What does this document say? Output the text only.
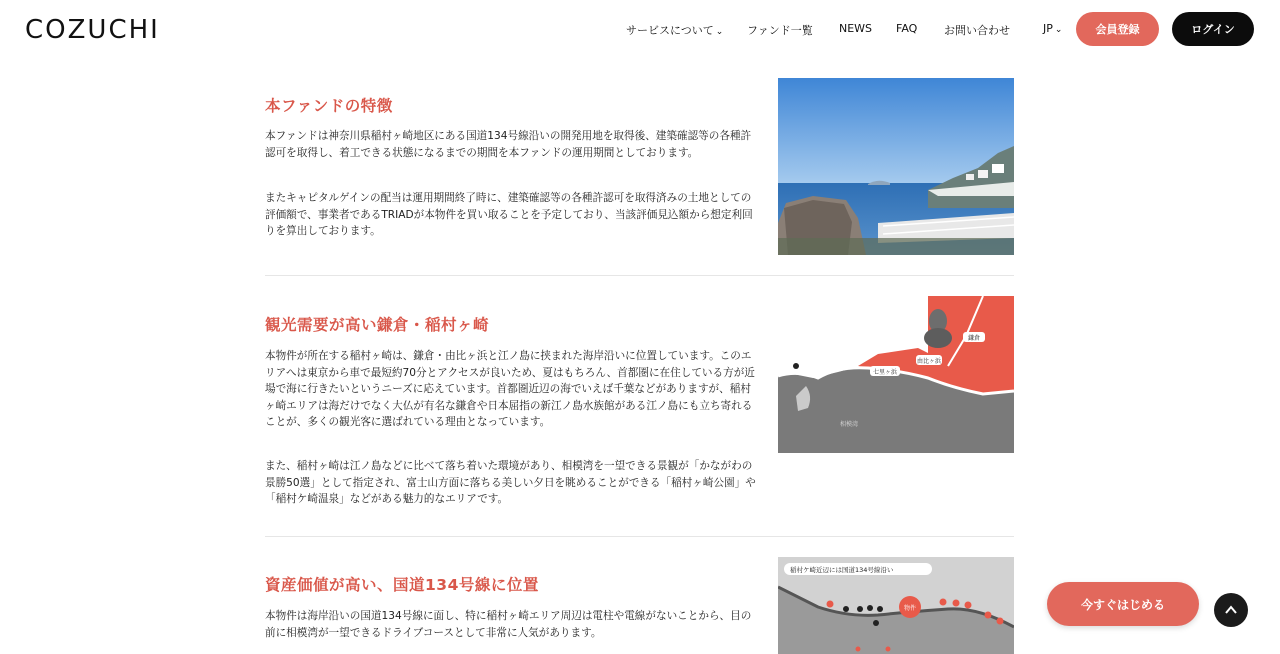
COZUCHI	サービスについて ⌄ ファンド一覧 NEWS FAQ お問い合わせ	JP ⌄	会員登録	ログイン
本ファンドの特徴

本ファンドは神奈川県稲村ヶ崎地区にある国道134号線沿いの開発用地を取得後、建築確認等の各種許認可を取得し、着工できる状態になるまでの期間を本ファンドの運用期間としております。

またキャピタルゲインの配当は運用期間終了時に、建築確認等の各種許認可を取得済みの土地としての評価額で、事業者であるTRIADが本物件を買い取ることを予定しており、当該評価見込額から想定利回りを算出しております。

観光需要が高い鎌倉・稲村ヶ崎

本物件が所在する稲村ヶ崎は、鎌倉・由比ヶ浜と江ノ島に挟まれた海岸沿いに位置しています。このエリアへは東京から車で最短約70分とアクセスが良いため、夏はもちろん、首都圏に在住している方が近場で海に行きたいというニーズに応えています。首都圏近辺の海でいえば千葉などがありますが、稲村ヶ崎エリアは海だけでなく大仏が有名な鎌倉や日本屈指の新江ノ島水族館がある江ノ島にも立ち寄れることが、多くの観光客に選ばれている理由となっています。

また、稲村ヶ崎は江ノ島などに比べて落ち着いた環境があり、相模湾を一望できる景観が「かながわの景勝50選」として指定され、富士山方面に落ちる美しい夕日を眺めることができる「稲村ヶ崎公園」や「稲村ケ崎温泉」などがある魅力的なエリアです。

鎌倉
由比ヶ浜
七里ヶ浜
相模湾
資産価値が高い、国道134号線に位置

本物件は海岸沿いの国道134号線に面し、特に稲村ヶ崎エリア周辺は電柱や電線がないことから、目の前に相模湾が一望できるドライブコースとして非常に人気があります。

稲村ケ崎近辺には国道134号線沿い
物件	今すぐはじめる
